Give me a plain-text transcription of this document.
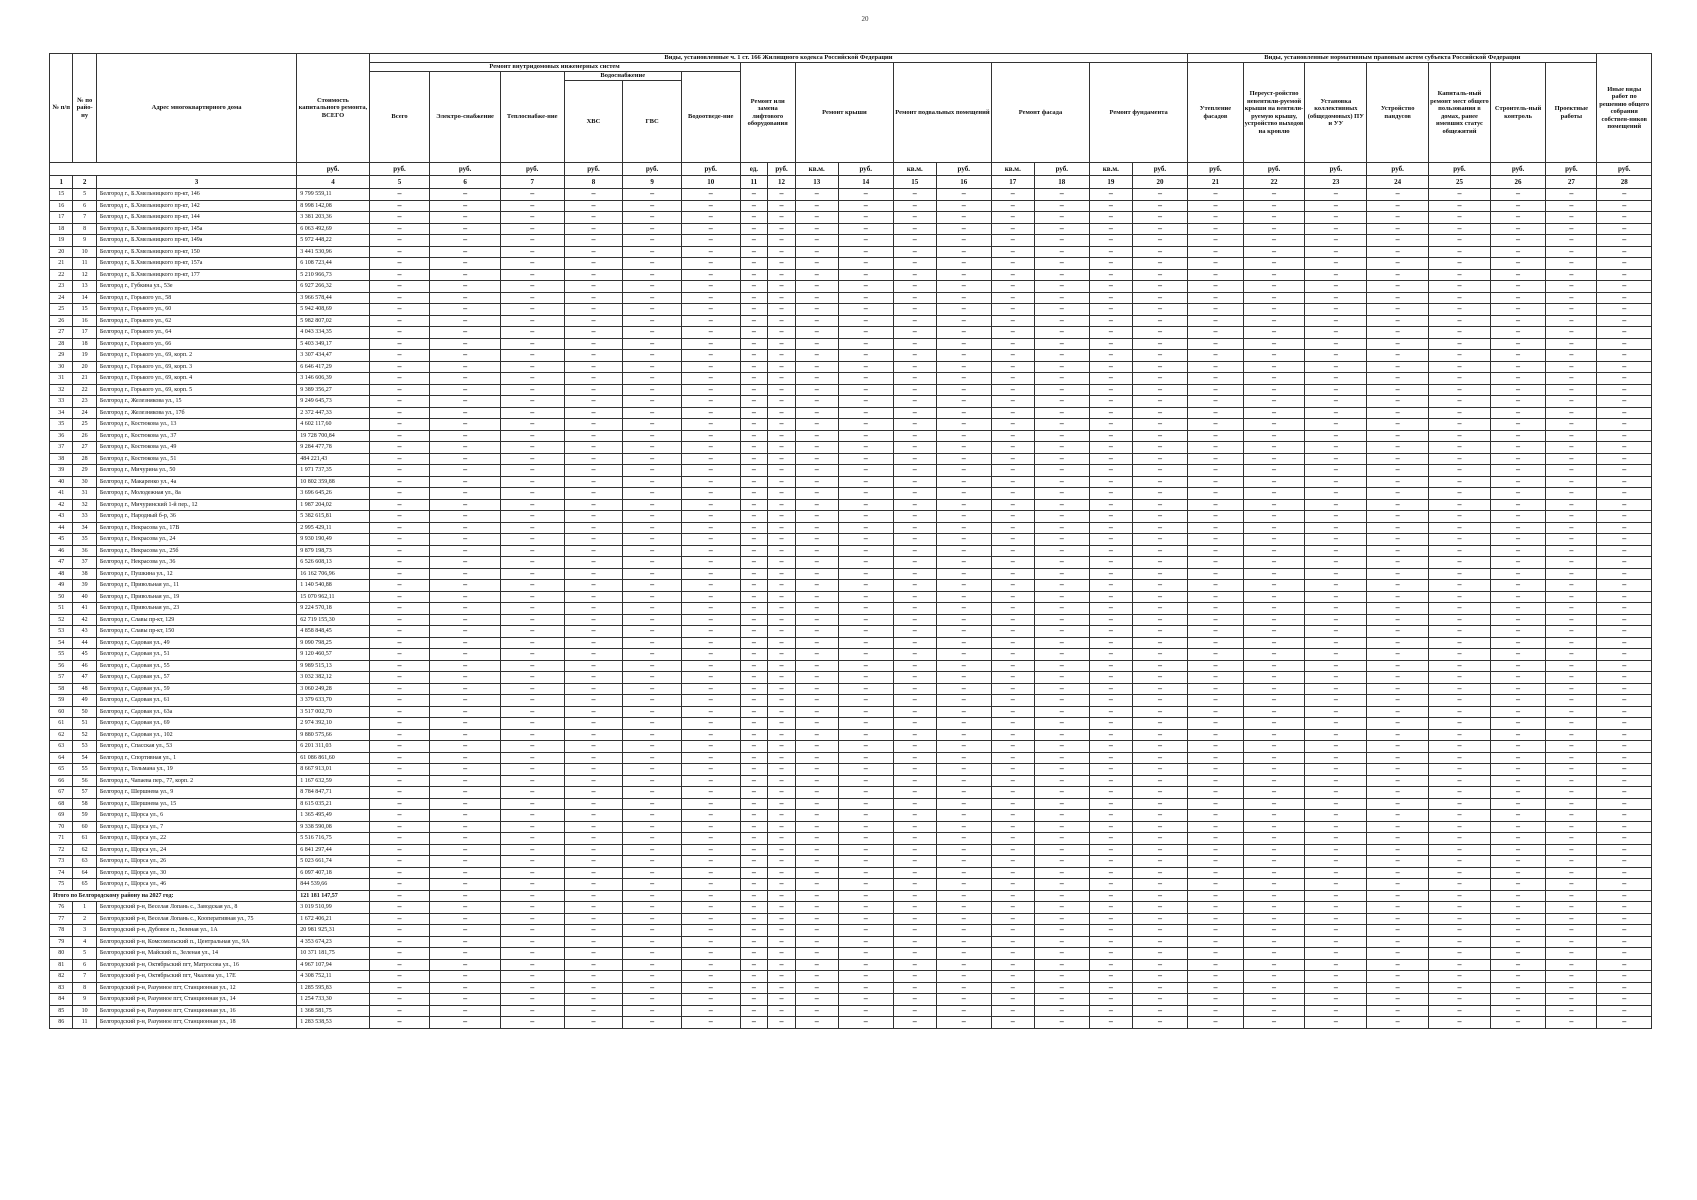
20
№ п/п	№ по райо-ну	Адрес многоквартирного дома	Стоимость капитального ремонта, ВСЕГО	Виды, установленные ч. 1 ст. 166 Жилищного кодекса Российской Федерации																Виды, установленные нормативным правовым актом субъекта Российской Федерации							Иные виды работ по решению общего собрания собствен-ников помещений
				Ремонт внутридомовых инженерных систем						Ремонт или замена лифтового оборудования		Ремонт крыши		Ремонт подвальных помещений		Ремонт фасада		Ремонт фундамента		Утепление фасадов	Переуст-ройство невентили-руемой крыши на вентили-руемую крышу, устройство выходов на кровлю	Установка коллективных (общедомовых) ПУ и УУ	Устройство пандусов	Капиталь-ный ремонт мест общего пользования в домах, ранее имевших статус общежитий	Строитель-ный контроль	Проектные работы	
				Всего	Электро-снабжение	Теплоснабже-ние	Водоснабжение		Водоотведе-ние																		
							ХВС	ГВС																			
			руб.	руб.	руб.	руб.	руб.	руб.	руб.	ед.	руб.	кв.м.	руб.	кв.м.	руб.	кв.м.	руб.	кв.м.	руб.	руб.	руб.	руб.	руб.	руб.	руб.	руб.	руб.
1	2	3	4	5	6	7	8	9	10	11	12	13	14	15	16	17	18	19	20	21	22	23	24	25	26	27	28
15	5	Белгород г., Б.Хмельницкого пр-кт, 146	9 799 559,11	–	–	–	–	–	–	–	–	–	–	–	–	–	–	–	–	–	–	–	–	–	–	–	–
16	6	Белгород г., Б.Хмельницкого пр-кт, 142	8 998 142,08	–	–	–	–	–	–	–	–	–	–	–	–	–	–	–	–	–	–	–	–	–	–	–	–
17	7	Белгород г., Б.Хмельницкого пр-кт, 144	3 381 203,36	–	–	–	–	–	–	–	–	–	–	–	–	–	–	–	–	–	–	–	–	–	–	–	–
18	8	Белгород г., Б.Хмельницкого пр-кт, 145а	6 063 492,69	–	–	–	–	–	–	–	–	–	–	–	–	–	–	–	–	–	–	–	–	–	–	–	–
19	9	Белгород г., Б.Хмельницкого пр-кт, 149а	5 972 448,22	–	–	–	–	–	–	–	–	–	–	–	–	–	–	–	–	–	–	–	–	–	–	–	–
20	10	Белгород г., Б.Хмельницкого пр-кт, 150	3 441 530,96	–	–	–	–	–	–	–	–	–	–	–	–	–	–	–	–	–	–	–	–	–	–	–	–
21	11	Белгород г., Б.Хмельницкого пр-кт, 157а	6 108 723,44	–	–	–	–	–	–	–	–	–	–	–	–	–	–	–	–	–	–	–	–	–	–	–	–
22	12	Белгород г., Б.Хмельницкого пр-кт, 177	5 210 966,73	–	–	–	–	–	–	–	–	–	–	–	–	–	–	–	–	–	–	–	–	–	–	–	–
23	13	Белгород г., Губкина ул., 53е	6 927 266,32	–	–	–	–	–	–	–	–	–	–	–	–	–	–	–	–	–	–	–	–	–	–	–	–
24	14	Белгород г., Горького ул., 58	3 966 578,44	–	–	–	–	–	–	–	–	–	–	–	–	–	–	–	–	–	–	–	–	–	–	–	–
25	15	Белгород г., Горького ул., 60	5 942 408,69	–	–	–	–	–	–	–	–	–	–	–	–	–	–	–	–	–	–	–	–	–	–	–	–
26	16	Белгород г., Горького ул., 62	5 982 807,02	–	–	–	–	–	–	–	–	–	–	–	–	–	–	–	–	–	–	–	–	–	–	–	–
27	17	Белгород г., Горького ул., 64	4 043 334,35	–	–	–	–	–	–	–	–	–	–	–	–	–	–	–	–	–	–	–	–	–	–	–	–
28	18	Белгород г., Горького ул., 66	5 403 349,17	–	–	–	–	–	–	–	–	–	–	–	–	–	–	–	–	–	–	–	–	–	–	–	–
29	19	Белгород г., Горького ул., 69, корп. 2	3 307 434,47	–	–	–	–	–	–	–	–	–	–	–	–	–	–	–	–	–	–	–	–	–	–	–	–
30	20	Белгород г., Горького ул., 69, корп. 3	6 646 417,29	–	–	–	–	–	–	–	–	–	–	–	–	–	–	–	–	–	–	–	–	–	–	–	–
31	21	Белгород г., Горького ул., 69, корп. 4	3 146 606,39	–	–	–	–	–	–	–	–	–	–	–	–	–	–	–	–	–	–	–	–	–	–	–	–
32	22	Белгород г., Горького ул., 69, корп. 5	9 389 356,27	–	–	–	–	–	–	–	–	–	–	–	–	–	–	–	–	–	–	–	–	–	–	–	–
33	23	Белгород г., Железнякова ул., 15	9 249 645,73	–	–	–	–	–	–	–	–	–	–	–	–	–	–	–	–	–	–	–	–	–	–	–	–
34	24	Белгород г., Железнякова ул., 17б	2 372 447,33	–	–	–	–	–	–	–	–	–	–	–	–	–	–	–	–	–	–	–	–	–	–	–	–
35	25	Белгород г., Костюкова ул., 13	4 602 117,60	–	–	–	–	–	–	–	–	–	–	–	–	–	–	–	–	–	–	–	–	–	–	–	–
36	26	Белгород г., Костюкова ул., 37	19 728 700,84	–	–	–	–	–	–	–	–	–	–	–	–	–	–	–	–	–	–	–	–	–	–	–	–
37	27	Белгород г., Костюкова ул., 49	9 284 477,78	–	–	–	–	–	–	–	–	–	–	–	–	–	–	–	–	–	–	–	–	–	–	–	–
38	28	Белгород г., Костюкова ул., 51	484 221,43	–	–	–	–	–	–	–	–	–	–	–	–	–	–	–	–	–	–	–	–	–	–	–	–
39	29	Белгород г., Мичурина ул., 50	1 971 737,35	–	–	–	–	–	–	–	–	–	–	–	–	–	–	–	–	–	–	–	–	–	–	–	–
40	30	Белгород г., Макаренко ул., 4а	10 802 359,88	–	–	–	–	–	–	–	–	–	–	–	–	–	–	–	–	–	–	–	–	–	–	–	–
41	31	Белгород г., Молодежная ул., 8а	3 696 645,26	–	–	–	–	–	–	–	–	–	–	–	–	–	–	–	–	–	–	–	–	–	–	–	–
42	32	Белгород г., Мичуринский 1-й пер., 12	1 987 204,02	–	–	–	–	–	–	–	–	–	–	–	–	–	–	–	–	–	–	–	–	–	–	–	–
43	33	Белгород г., Народный б-р, 36	5 382 615,81	–	–	–	–	–	–	–	–	–	–	–	–	–	–	–	–	–	–	–	–	–	–	–	–
44	34	Белгород г., Некрасова ул., 17В	2 995 429,11	–	–	–	–	–	–	–	–	–	–	–	–	–	–	–	–	–	–	–	–	–	–	–	–
45	35	Белгород г., Некрасова ул., 24	9 930 190,49	–	–	–	–	–	–	–	–	–	–	–	–	–	–	–	–	–	–	–	–	–	–	–	–
46	36	Белгород г., Некрасова ул., 25б	9 879 198,73	–	–	–	–	–	–	–	–	–	–	–	–	–	–	–	–	–	–	–	–	–	–	–	–
47	37	Белгород г., Некрасова ул., 36	6 526 608,13	–	–	–	–	–	–	–	–	–	–	–	–	–	–	–	–	–	–	–	–	–	–	–	–
48	38	Белгород г., Пушкина ул., 12	16 162 706,96	–	–	–	–	–	–	–	–	–	–	–	–	–	–	–	–	–	–	–	–	–	–	–	–
49	39	Белгород г., Привольная ул., 11	1 140 540,88	–	–	–	–	–	–	–	–	–	–	–	–	–	–	–	–	–	–	–	–	–	–	–	–
50	40	Белгород г., Привольная ул., 19	15 070 962,11	–	–	–	–	–	–	–	–	–	–	–	–	–	–	–	–	–	–	–	–	–	–	–	–
51	41	Белгород г., Привольная ул., 23	9 224 570,18	–	–	–	–	–	–	–	–	–	–	–	–	–	–	–	–	–	–	–	–	–	–	–	–
52	42	Белгород г., Славы пр-кт, 129	62 719 155,30	–	–	–	–	–	–	–	–	–	–	–	–	–	–	–	–	–	–	–	–	–	–	–	–
53	43	Белгород г., Славы пр-кт, 150	4 858 848,45	–	–	–	–	–	–	–	–	–	–	–	–	–	–	–	–	–	–	–	–	–	–	–	–
54	44	Белгород г., Садовая ул., 49	9 090 798,25	–	–	–	–	–	–	–	–	–	–	–	–	–	–	–	–	–	–	–	–	–	–	–	–
55	45	Белгород г., Садовая ул., 51	9 120 460,57	–	–	–	–	–	–	–	–	–	–	–	–	–	–	–	–	–	–	–	–	–	–	–	–
56	46	Белгород г., Садовая ул., 55	9 989 515,13	–	–	–	–	–	–	–	–	–	–	–	–	–	–	–	–	–	–	–	–	–	–	–	–
57	47	Белгород г., Садовая ул., 57	3 032 382,12	–	–	–	–	–	–	–	–	–	–	–	–	–	–	–	–	–	–	–	–	–	–	–	–
58	48	Белгород г., Садовая ул., 59	3 060 249,28	–	–	–	–	–	–	–	–	–	–	–	–	–	–	–	–	–	–	–	–	–	–	–	–
59	49	Белгород г., Садовая ул., 61	3 379 633,70	–	–	–	–	–	–	–	–	–	–	–	–	–	–	–	–	–	–	–	–	–	–	–	–
60	50	Белгород г., Садовая ул., 63а	3 517 002,70	–	–	–	–	–	–	–	–	–	–	–	–	–	–	–	–	–	–	–	–	–	–	–	–
61	51	Белгород г., Садовая ул., 69	2 974 392,10	–	–	–	–	–	–	–	–	–	–	–	–	–	–	–	–	–	–	–	–	–	–	–	–
62	52	Белгород г., Садовая ул., 102	9 880 575,66	–	–	–	–	–	–	–	–	–	–	–	–	–	–	–	–	–	–	–	–	–	–	–	–
63	53	Белгород г., Спасская ул., 53	6 201 311,03	–	–	–	–	–	–	–	–	–	–	–	–	–	–	–	–	–	–	–	–	–	–	–	–
64	54	Белгород г., Спортивная ул., 1	61 086 861,60	–	–	–	–	–	–	–	–	–	–	–	–	–	–	–	–	–	–	–	–	–	–	–	–
65	55	Белгород г., Тельмана ул., 19	8 667 913,01	–	–	–	–	–	–	–	–	–	–	–	–	–	–	–	–	–	–	–	–	–	–	–	–
66	56	Белгород г., Чапаева пер., 77, корп. 2	1 167 632,59	–	–	–	–	–	–	–	–	–	–	–	–	–	–	–	–	–	–	–	–	–	–	–	–
67	57	Белгород г., Шершнева ул., 9	8 784 847,71	–	–	–	–	–	–	–	–	–	–	–	–	–	–	–	–	–	–	–	–	–	–	–	–
68	58	Белгород г., Шершнева ул., 15	8 615 035,21	–	–	–	–	–	–	–	–	–	–	–	–	–	–	–	–	–	–	–	–	–	–	–	–
69	59	Белгород г., Щорса ул., 6	1 365 495,49	–	–	–	–	–	–	–	–	–	–	–	–	–	–	–	–	–	–	–	–	–	–	–	–
70	60	Белгород г., Щорса ул., 7	9 338 590,08	–	–	–	–	–	–	–	–	–	–	–	–	–	–	–	–	–	–	–	–	–	–	–	–
71	61	Белгород г., Щорса ул., 22	5 516 716,75	–	–	–	–	–	–	–	–	–	–	–	–	–	–	–	–	–	–	–	–	–	–	–	–
72	62	Белгород г., Щорса ул., 24	6 841 297,44	–	–	–	–	–	–	–	–	–	–	–	–	–	–	–	–	–	–	–	–	–	–	–	–
73	63	Белгород г., Щорса ул., 26	5 023 661,74	–	–	–	–	–	–	–	–	–	–	–	–	–	–	–	–	–	–	–	–	–	–	–	–
74	64	Белгород г., Щорса ул., 30	6 097 407,18	–	–	–	–	–	–	–	–	–	–	–	–	–	–	–	–	–	–	–	–	–	–	–	–
75	65	Белгород г., Щорса ул., 46	844 539,66	–	–	–	–	–	–	–	–	–	–	–	–	–	–	–	–	–	–	–	–	–	–	–	–
Итого по Белгородскому району на 2027 год:			121 181 147,57	–	–	–	–	–	–	–	–	–	–	–	–	–	–	–	–	–	–	–	–	–	–	–	–
76	1	Белгородский р-н, Веселая Лопань с., Заводская ул., 8	3 019 510,99	–	–	–	–	–	–	–	–	–	–	–	–	–	–	–	–	–	–	–	–	–	–	–	–
77	2	Белгородский р-н, Веселая Лопань с., Кооперативная ул., 75	1 672 406,21	–	–	–	–	–	–	–	–	–	–	–	–	–	–	–	–	–	–	–	–	–	–	–	–
78	3	Белгородский р-н, Дубовое п., Зеленая ул., 1А	20 981 925,31	–	–	–	–	–	–	–	–	–	–	–	–	–	–	–	–	–	–	–	–	–	–	–	–
79	4	Белгородский р-н, Комсомольский п., Центральная ул., 9А	4 353 674,23	–	–	–	–	–	–	–	–	–	–	–	–	–	–	–	–	–	–	–	–	–	–	–	–
80	5	Белгородский р-н, Майский п., Зеленая ул., 14	10 371 181,75	–	–	–	–	–	–	–	–	–	–	–	–	–	–	–	–	–	–	–	–	–	–	–	–
81	6	Белгородский р-н, Октябрьский пгт, Матросова ул., 16	4 967 107,94	–	–	–	–	–	–	–	–	–	–	–	–	–	–	–	–	–	–	–	–	–	–	–	–
82	7	Белгородский р-н, Октябрьский пгт, Чкалова ул., 17Е	4 308 752,11	–	–	–	–	–	–	–	–	–	–	–	–	–	–	–	–	–	–	–	–	–	–	–	–
83	8	Белгородский р-н, Разумное пгт, Станционная ул., 12	1 285 595,83	–	–	–	–	–	–	–	–	–	–	–	–	–	–	–	–	–	–	–	–	–	–	–	–
84	9	Белгородский р-н, Разумное пгт, Станционная ул., 14	1 254 733,30	–	–	–	–	–	–	–	–	–	–	–	–	–	–	–	–	–	–	–	–	–	–	–	–
85	10	Белгородский р-н, Разумное пгт, Станционная ул., 16	1 368 581,75	–	–	–	–	–	–	–	–	–	–	–	–	–	–	–	–	–	–	–	–	–	–	–	–
86	11	Белгородский р-н, Разумное пгт, Станционная ул., 18	1 283 538,53	–	–	–	–	–	–	–	–	–	–	–	–	–	–	–	–	–	–	–	–	–	–	–	–
